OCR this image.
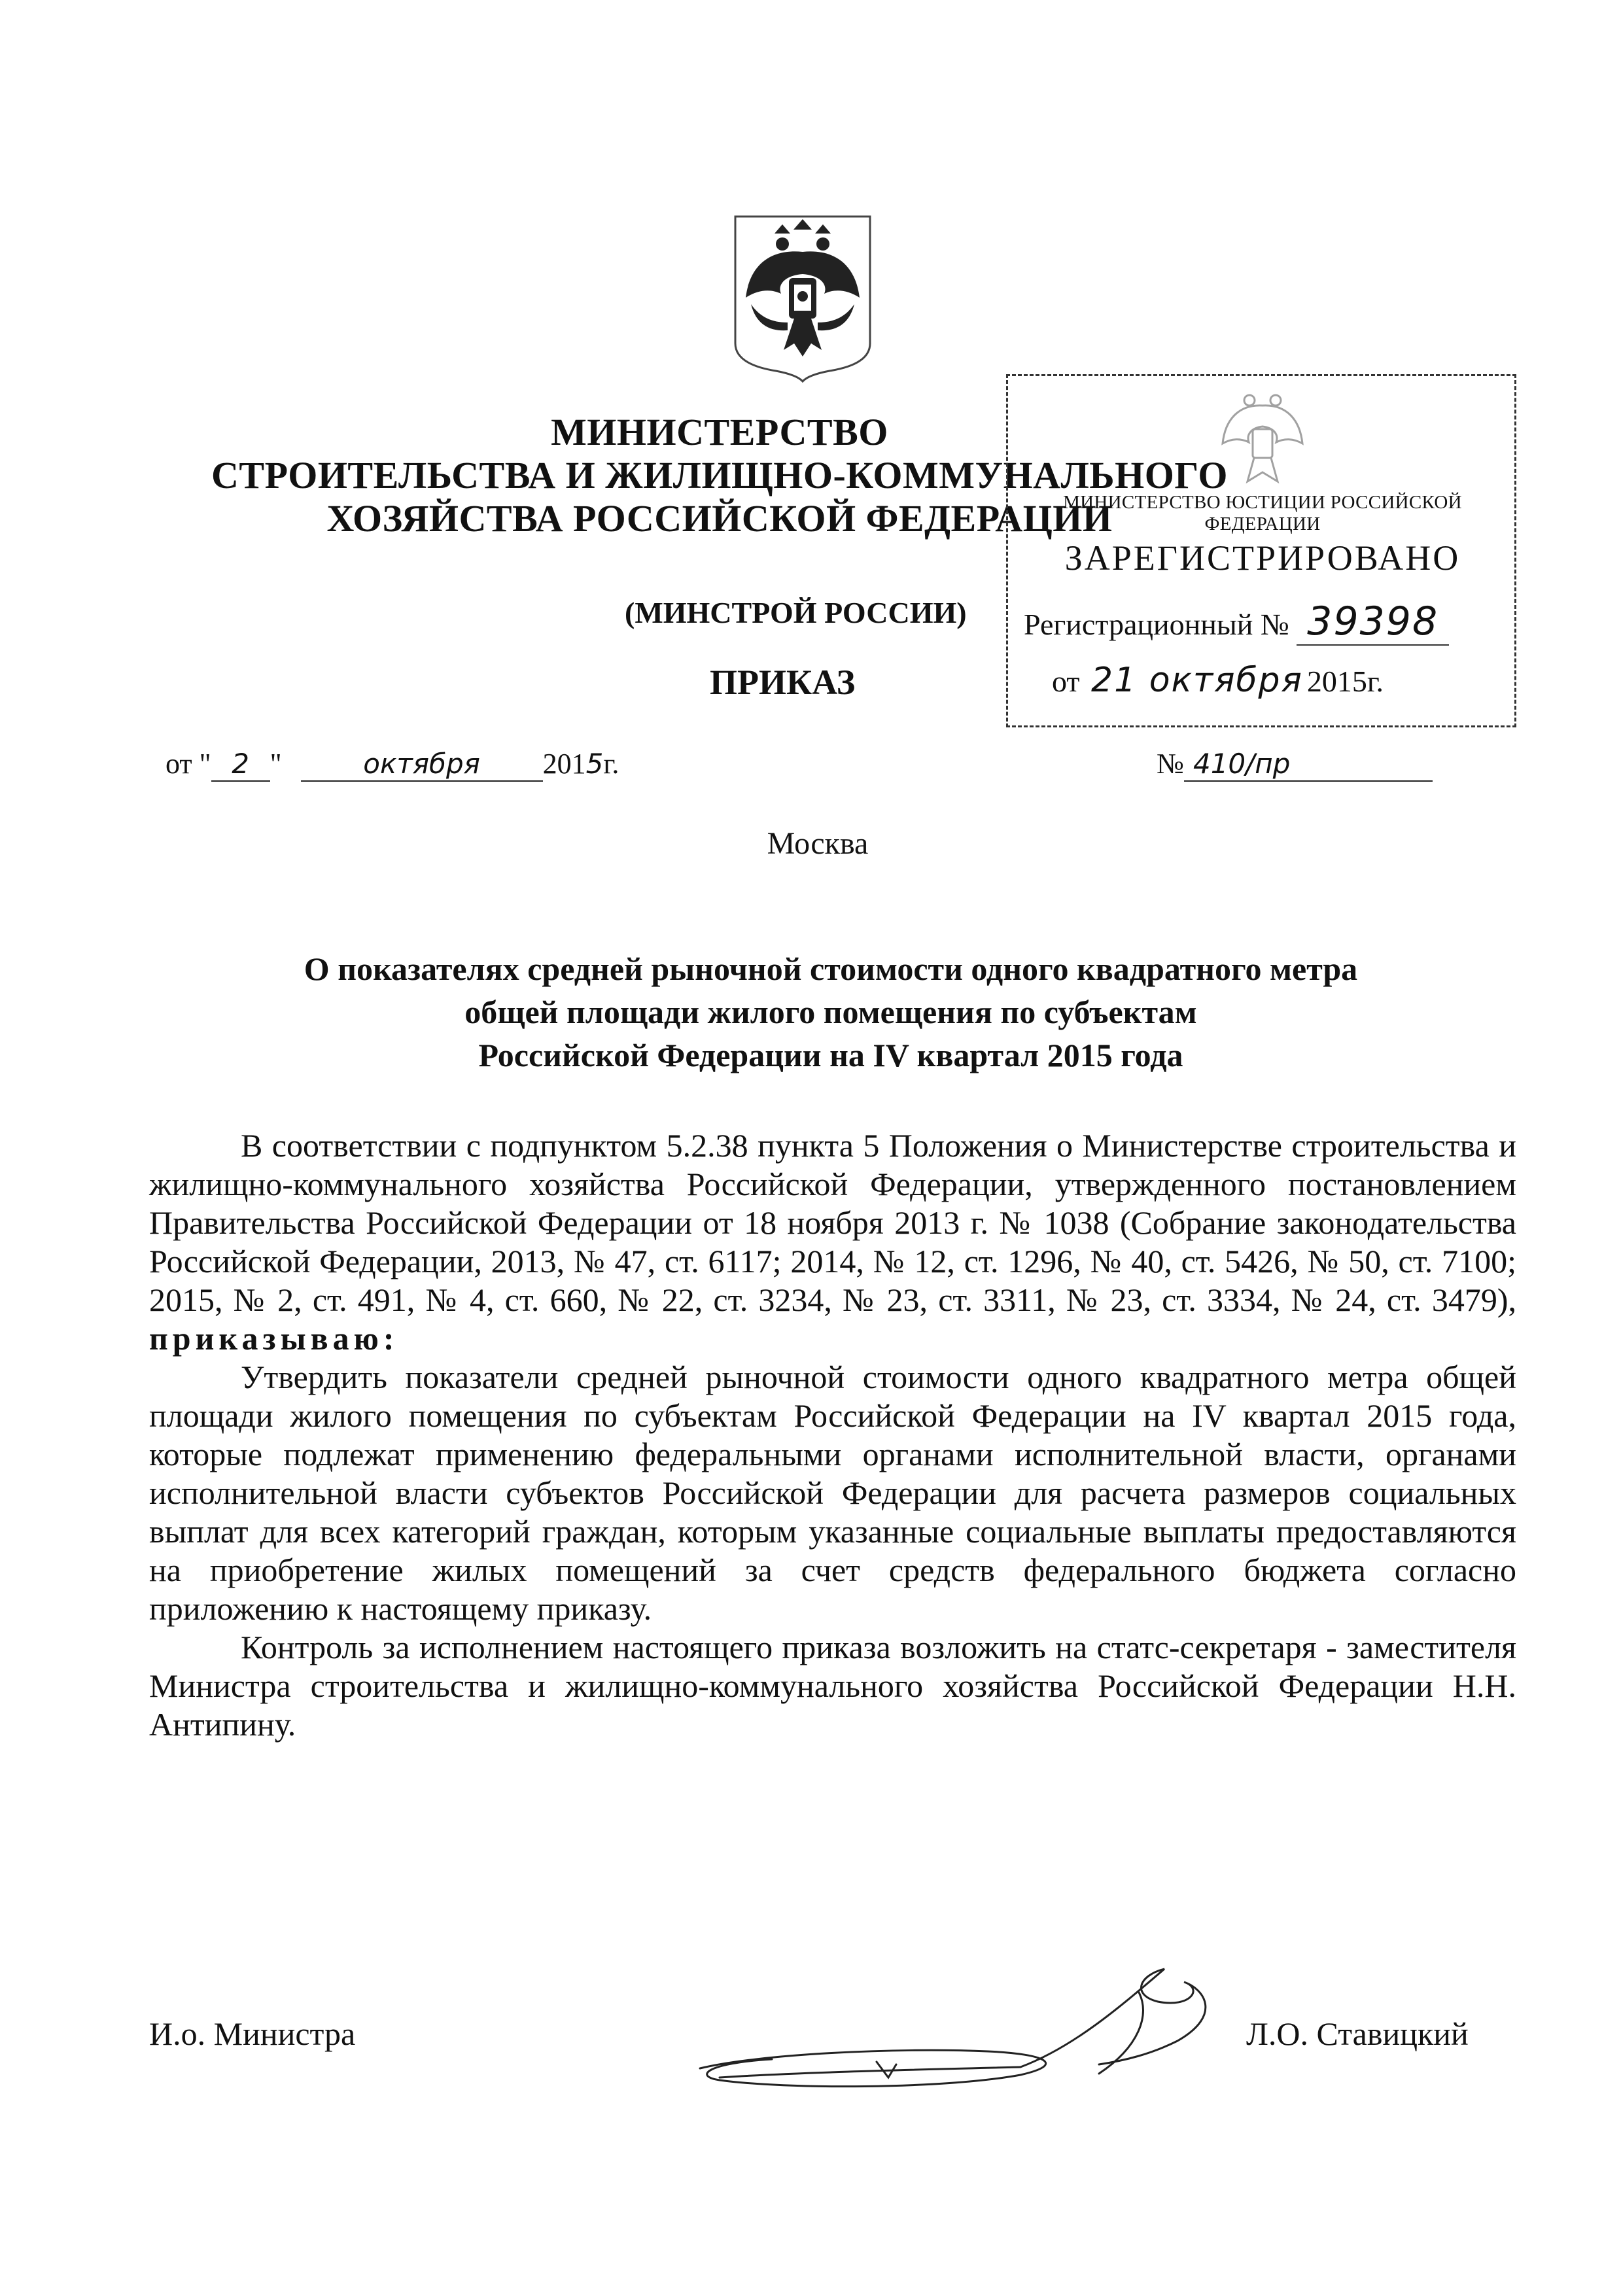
МИНИСТЕРСТВО
СТРОИТЕЛЬСТВА И ЖИЛИЩНО-КОММУНАЛЬНОГО
ХОЗЯЙСТВА РОССИЙСКОЙ ФЕДЕРАЦИИ
(МИНСТРОЙ РОССИИ)
ПРИКАЗ
МИНИСТЕРСТВО ЮСТИЦИИ РОССИЙСКОЙ ФЕДЕРАЦИИ
ЗАРЕГИСТРИРОВАНО
Регистрационный № 39398
от 21 октября 2015г.
от " 2 "	октября 2015г.	№ 410/пр
Москва
О показателях средней рыночной стоимости одного квадратного метра
общей площади жилого помещения по субъектам
Российской Федерации на IV квартал 2015 года

В соответствии с подпунктом 5.2.38 пункта 5 Положения о Министерстве строительства и жилищно-коммунального хозяйства Российской Федерации, утвержденного постановлением Правительства Российской Федерации от 18 ноября 2013 г. № 1038 (Собрание законодательства Российской Федерации, 2013, № 47, ст. 6117; 2014, № 12, ст. 1296, № 40, ст. 5426, № 50, ст. 7100; 2015, № 2, ст. 491, № 4, ст. 660, № 22, ст. 3234, № 23, ст. 3311, № 23, ст. 3334, № 24, ст. 3479), приказываю:

Утвердить показатели средней рыночной стоимости одного квадратного метра общей площади жилого помещения по субъектам Российской Федерации на IV квартал 2015 года, которые подлежат применению федеральными органами исполнительной власти, органами исполнительной власти субъектов Российской Федерации для расчета размеров социальных выплат для всех категорий граждан, которым указанные социальные выплаты предоставляются на приобретение жилых помещений за счет средств федерального бюджета согласно приложению к настоящему приказу.

Контроль за исполнением настоящего приказа возложить на статс-секретаря - заместителя Министра строительства и жилищно-коммунального хозяйства Российской Федерации Н.Н. Антипину.

И.о. Министра	Л.О. Ставицкий
